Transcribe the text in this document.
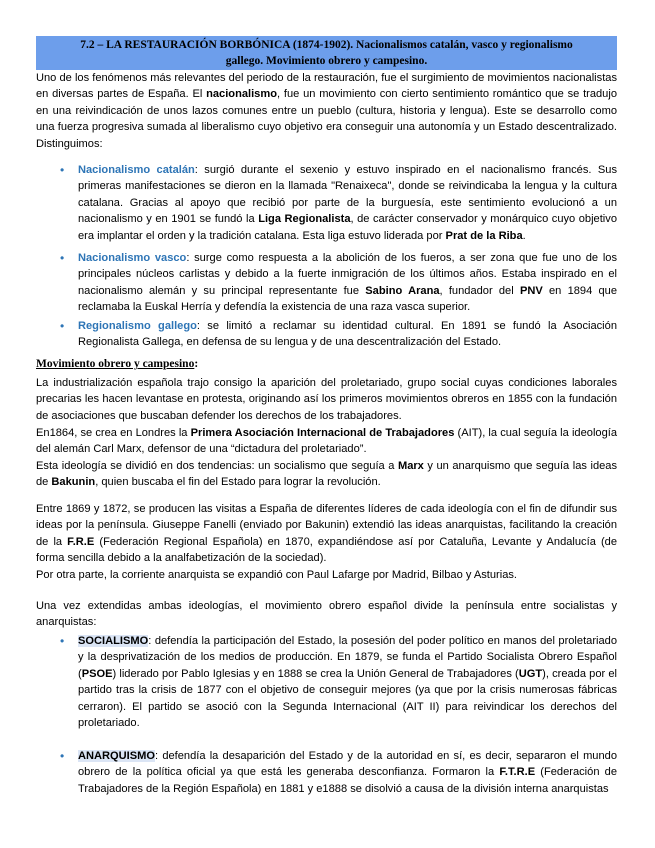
7.2 – LA RESTAURACIÓN BORBÓNICA (1874-1902). Nacionalismos catalán, vasco y regionalismo
gallego. Movimiento obrero y campesino.

Uno de los fenómenos más relevantes del periodo de la restauración, fue el surgimiento de movimientos nacionalistas en diversas partes de España. El nacionalismo, fue un movimiento con cierto sentimiento romántico que se tradujo en una reivindicación de unos lazos comunes entre un pueblo (cultura, historia y lengua). Este se desarrollo como una fuerza progresiva sumada al liberalismo cuyo objetivo era conseguir una autonomía y un Estado descentralizado. Distinguimos:

• Nacionalismo catalán: surgió durante el sexenio y estuvo inspirado en el nacionalismo francés. Sus primeras manifestaciones se dieron en la llamada "Renaixeca", donde se reivindicaba la lengua y la cultura catalana. Gracias al apoyo que recibió por parte de la burguesía, este sentimiento evolucionó a un nacionalismo y en 1901 se fundó la Liga Regionalista, de carácter conservador y monárquico cuyo objetivo era implantar el orden y la tradición catalana. Esta liga estuvo liderada por Prat de la Riba.

• Nacionalismo vasco: surge como respuesta a la abolición de los fueros, a ser zona que fue uno de los principales núcleos carlistas y debido a la fuerte inmigración de los últimos años. Estaba inspirado en el nacionalismo alemán y su principal representante fue Sabino Arana, fundador del PNV en 1894 que reclamaba la Euskal Herría y defendía la existencia de una raza vasca superior.

• Regionalismo gallego: se limitó a reclamar su identidad cultural. En 1891 se fundó la Asociación Regionalista Gallega, en defensa de su lengua y de una descentralización del Estado.

Movimiento obrero y campesino:

La industrialización española trajo consigo la aparición del proletariado, grupo social cuyas condiciones laborales precarias les hacen levantase en protesta, originando así los primeros movimientos obreros en 1855 con la fundación de asociaciones que buscaban defender los derechos de los trabajadores.

En1864, se crea en Londres la Primera Asociación Internacional de Trabajadores (AIT), la cual seguía la ideología del alemán Carl Marx, defensor de una “dictadura del proletariado”.

Esta ideología se dividió en dos tendencias: un socialismo que seguía a Marx y un anarquismo que seguía las ideas de Bakunin, quien buscaba el fin del Estado para lograr la revolución.

Entre 1869 y 1872, se producen las visitas a España de diferentes líderes de cada ideología con el fin de difundir sus ideas por la península. Giuseppe Fanelli (enviado por Bakunin) extendió las ideas anarquistas, facilitando la creación de la F.R.E (Federación Regional Española) en 1870, expandiéndose así por Cataluña, Levante y Andalucía (de forma sencilla debido a la analfabetización de la sociedad).

Por otra parte, la corriente anarquista se expandió con Paul Lafarge por Madrid, Bilbao y Asturias.

Una vez extendidas ambas ideologías, el movimiento obrero español divide la península entre socialistas y anarquistas:

• SOCIALISMO: defendía la participación del Estado, la posesión del poder político en manos del proletariado y la desprivatización de los medios de producción. En 1879, se funda el Partido Socialista Obrero Español (PSOE) liderado por Pablo Iglesias y en 1888 se crea la Unión General de Trabajadores (UGT), creada por el partido tras la crisis de 1877 con el objetivo de conseguir mejores (ya que por la crisis numerosas fábricas cerraron). El partido se asoció con la Segunda Internacional (AIT II) para reivindicar los derechos del proletariado.

• ANARQUISMO: defendía la desaparición del Estado y de la autoridad en sí, es decir, separaron el mundo obrero de la política oficial ya que está les generaba desconfianza. Formaron la F.T.R.E (Federación de Trabajadores de la Región Española) en 1881 y e1888 se disolvió a causa de la división interna anarquistas
